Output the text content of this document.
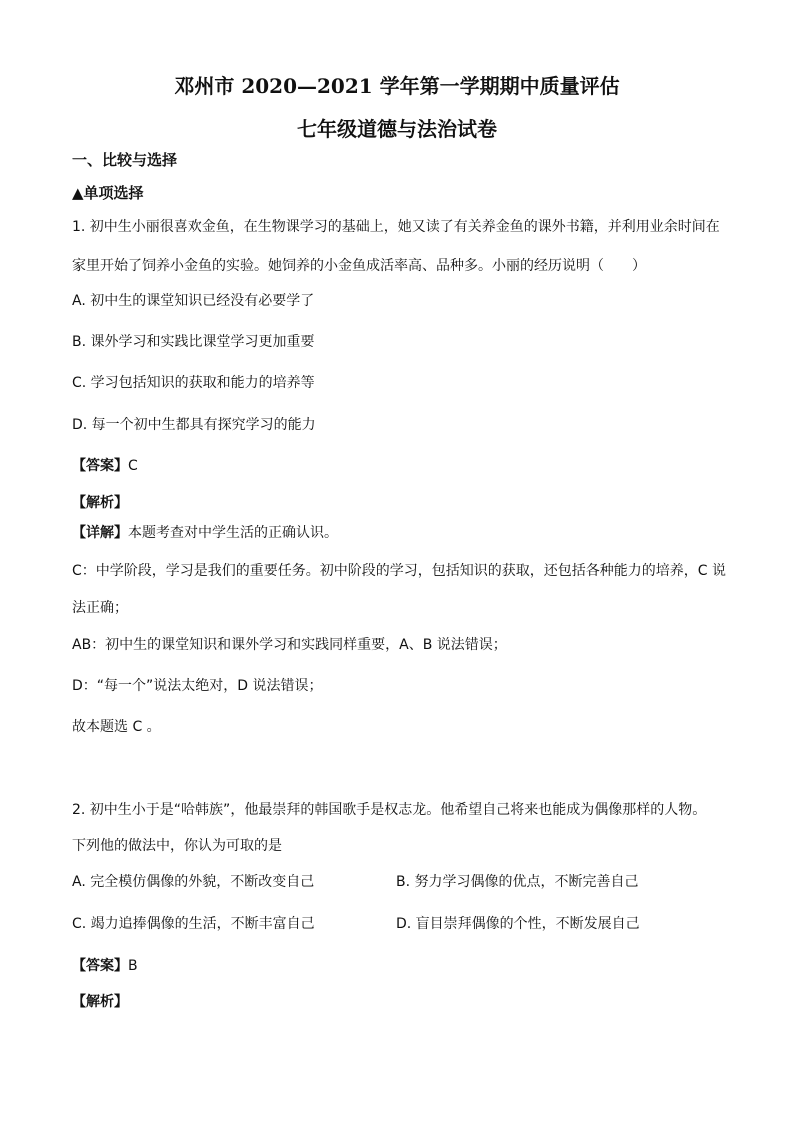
邓州市 2020—2021 学年第一学期期中质量评估
七年级道德与法治试卷
一、比较与选择
▲单项选择
1. 初中生小丽很喜欢金鱼，在生物课学习的基础上，她又读了有关养金鱼的课外书籍，并利用业余时间在
家里开始了饲养小金鱼的实验。她饲养的小金鱼成活率高、品种多。小丽的经历说明（　　）
A. 初中生的课堂知识已经没有必要学了
B. 课外学习和实践比课堂学习更加重要
C. 学习包括知识的获取和能力的培养等
D. 每一个初中生都具有探究学习的能力
【答案】C
【解析】
【详解】本题考查对中学生活的正确认识。
C：中学阶段，学习是我们的重要任务。初中阶段的学习，包括知识的获取，还包括各种能力的培养，C 说
法正确；
AB：初中生的课堂知识和课外学习和实践同样重要，A、B 说法错误；
D：“每一个”说法太绝对，D 说法错误；
故本题选 C 。
2. 初中生小于是“哈韩族”，他最崇拜的韩国歌手是权志龙。他希望自己将来也能成为偶像那样的人物。
下列他的做法中，你认为可取的是
A. 完全模仿偶像的外貌，不断改变自己	B. 努力学习偶像的优点，不断完善自己
C. 竭力追捧偶像的生活，不断丰富自己	D. 盲目崇拜偶像的个性，不断发展自己
【答案】B
【解析】
